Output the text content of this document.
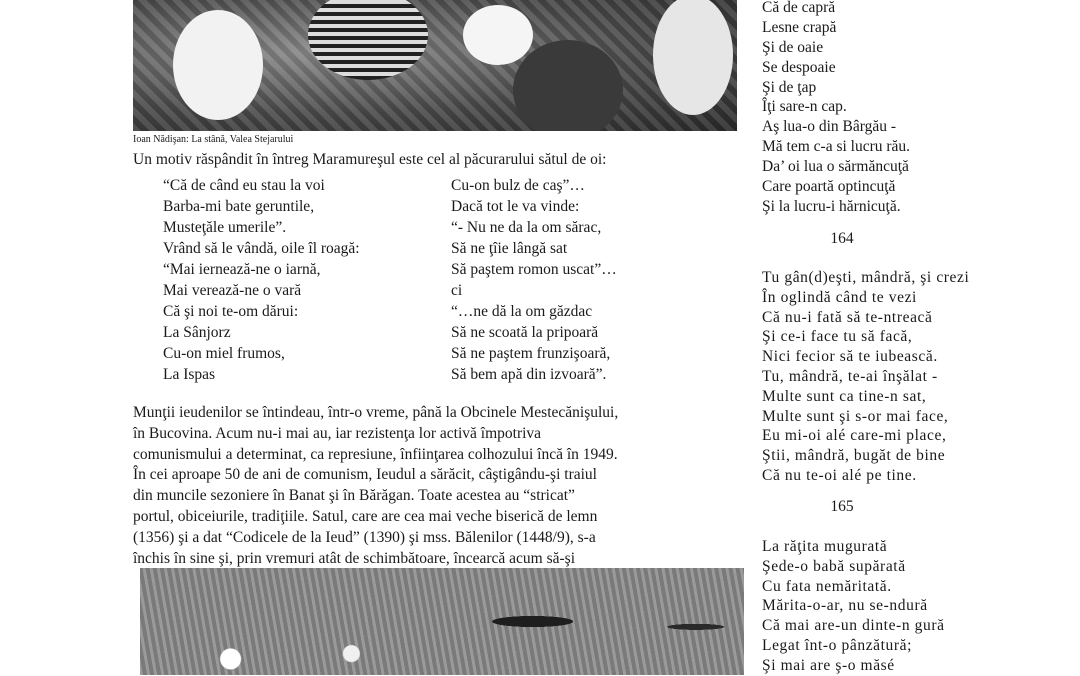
Ioan Nădişan: La stână, Valea Stejarului
Un motiv răspândit în întreg Maramureşul este cel al păcurarului sătul de oi:
“Că de când eu stau la voi
Barba-mi bate geruntile,
Musteţăle umerile”.
Vrând să le vândă, oile îl roagă:
“Mai iernează-ne o iarnă,
Mai verează-ne o vară
Că şi noi te-om dărui:
La Sânjorz
Cu-on miel frumos,
La Ispas
Cu-on bulz de caş”…
Dacă tot le va vinde:
“- Nu ne da la om sărac,
Să ne ţîie lângă sat
Să paştem romon uscat”…
ci
“…ne dă la om găzdac
Să ne scoată la pripoară
Să ne paştem frunzişoară,
Să bem apă din izvoară”.
Munţii ieudenilor se întindeau, într-o vreme, până la Obcinele Mestecănişului,
în Bucovina. Acum nu-i mai au, iar rezistenţa lor activă împotriva
comunismului a determinat, ca represiune, înfiinţarea colhozului încă în 1949.
În cei aproape 50 de ani de comunism, Ieudul a sărăcit, câştigându-şi traiul
din muncile sezoniere în Banat şi în Bărăgan. Toate acestea au “stricat”
portul, obiceiurile, tradiţiile. Satul, care are cea mai veche biserică de lemn
(1356) şi a dat “Codicele de la Ieud” (1390) şi mss. Bălenilor (1448/9), s-a
închis în sine şi, prin vremuri atât de schimbătoare, încearcă acum să-şi
Că de capră
Lesne crapă
Şi de oaie
Se despoaie
Şi de ţap
Îţi sare-n cap.
Aş lua-o din Bârgău -
Mă tem c-a si lucru rău.
Da’ oi lua o sărmăncuţă
Care poartă optincuţă
Şi la lucru-i hărnicuţă.
164
Tu gân(d)eşti, mândră, şi crezi
În oglindă când te vezi
Că nu-i fată să te-ntreacă
Şi ce-i face tu să facă,
Nici fecior să te iubească.
Tu, mândră, te-ai înşălat -
Multe sunt ca tine-n sat,
Multe sunt şi s-or mai face,
Eu mi-oi alé care-mi place,
Ştii, mândră, bugăt de bine
Că nu te-oi alé pe tine.
165
La răţita mugurată
Şede-o babă supărată
Cu fata nemăritată.
Mărita-o-ar, nu se-ndură
Că mai are-un dinte-n gură
Legat înt-o pânzătură;
Şi mai are ş-o măsé
